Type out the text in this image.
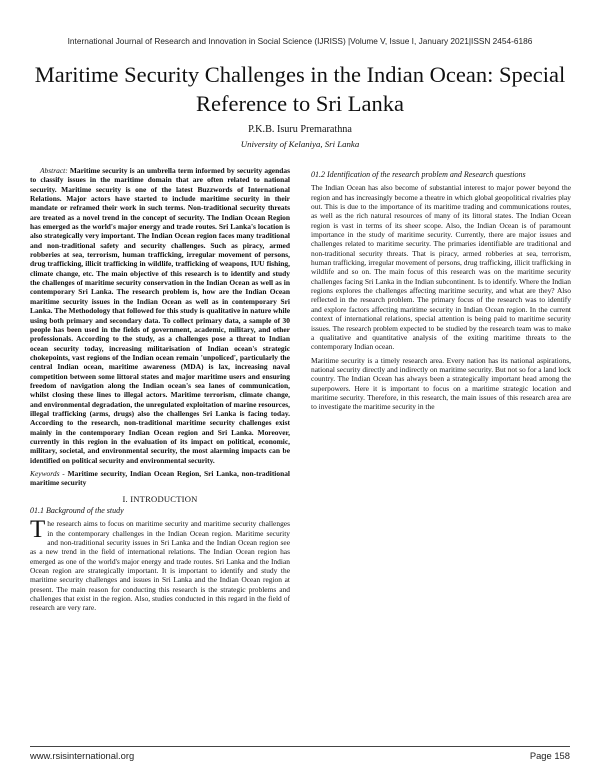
International Journal of Research and Innovation in Social Science (IJRISS) |Volume V, Issue I, January 2021|ISSN 2454-6186
Maritime Security Challenges in the Indian Ocean: Special Reference to Sri Lanka
P.K.B. Isuru Premarathna
University of Kelaniya, Sri Lanka

Abstract: Maritime security is an umbrella term informed by security agendas to classify issues in the maritime domain that are often related to national security. Maritime security is one of the latest Buzzwords of International Relations. Major actors have started to include maritime security in their mandate or reframed their work in such terms. Non-traditional security threats are treated as a novel trend in the concept of security. The Indian Ocean Region has emerged as the world's major energy and trade routes. Sri Lanka's location is also strategically very important. The Indian Ocean region faces many traditional and non-traditional safety and security challenges. Such as piracy, armed robberies at sea, terrorism, human trafficking, irregular movement of persons, drug trafficking, illicit trafficking in wildlife, trafficking of weapons, IUU fishing, climate change, etc. The main objective of this research is to identify and study the challenges of maritime security conservation in the Indian Ocean as well as in contemporary Sri Lanka. The research problem is, how are the Indian Ocean maritime security issues in the Indian Ocean as well as in contemporary Sri Lanka. The Methodology that followed for this study is qualitative in nature while using both primary and secondary data. To collect primary data, a sample of 30 people has been used in the fields of government, academic, military, and other professionals. According to the study, as a challenges pose a threat to Indian ocean security today, increasing militarisation of Indian ocean's strategic chokepoints, vast regions of the Indian ocean remain 'unpoliced', particularly the central Indian ocean, maritime awareness (MDA) is lax, increasing naval competition between some littoral states and major maritime users and ensuring freedom of navigation along the Indian ocean's sea lanes of communication, whilst closing these lines to illegal actors. Maritime terrorism, climate change, and environmental degradation, the unregulated exploitation of marine resources, illegal trafficking (arms, drugs) also the challenges Sri Lanka is facing today. According to the research, non-traditional maritime security challenges exist mainly in the contemporary Indian Ocean region and Sri Lanka. Moreover, currently in this region in the evaluation of its impact on political, economic, military, societal, and environmental security, the most alarming impacts can be identified on political security and environmental security.

Keywords - Maritime security, Indian Ocean Region, Sri Lanka, non-traditional maritime security

I. INTRODUCTION
01.1 Background of the study

The research aims to focus on maritime security and maritime security challenges in the contemporary challenges in the Indian Ocean region. Maritime security and non-traditional security issues in Sri Lanka and the Indian Ocean region see as a new trend in the field of international relations. The Indian Ocean region has emerged as one of the world's major energy and trade routes. Sri Lanka and the Indian Ocean region are strategically important. It is important to identify and study the maritime security challenges and issues in Sri Lanka and the Indian Ocean region at present. The main reason for conducting this research is the strategic problems and challenges that exist in the region. Also, studies conducted in this regard in the field of research are very rare.

01.2 Identification of the research problem and Research questions

The Indian Ocean has also become of substantial interest to major power beyond the region and has increasingly become a theatre in which global geopolitical rivalries play out. This is due to the importance of its maritime trading and communications routes, as well as the rich natural resources of many of its littoral states. The Indian Ocean region is vast in terms of its sheer scope. Also, the Indian Ocean is of paramount importance in the study of maritime security. Currently, there are major issues and challenges related to maritime security. The primaries identifiable are traditional and non-traditional security threats. That is piracy, armed robberies at sea, terrorism, human trafficking, irregular movement of persons, drug trafficking, illicit trafficking in wildlife and so on. The main focus of this research was on the maritime security challenges facing Sri Lanka in the Indian subcontinent. Is to identify. Where the Indian regions explores the challenges affecting maritime security, and what are they? Also reflected in the research problem. The primary focus of the research was to identify and explore factors affecting maritime security in Indian Ocean region. In the current context of international relations, special attention is being paid to maritime security issues. The research problem expected to be studied by the research team was to make a qualitative and quantitative analysis of the exiting maritime threats to the contemporary Indian ocean.

Maritime security is a timely research area. Every nation has its national aspirations, national security directly and indirectly on maritime security. But not so for a land lock country. The Indian Ocean has always been a strategically important head among the superpowers. Here it is important to focus on a maritime strategic location and maritime security. Therefore, in this research, the main issues of this research area are to investigate the maritime security in the

www.rsisinternational.org	Page 158
